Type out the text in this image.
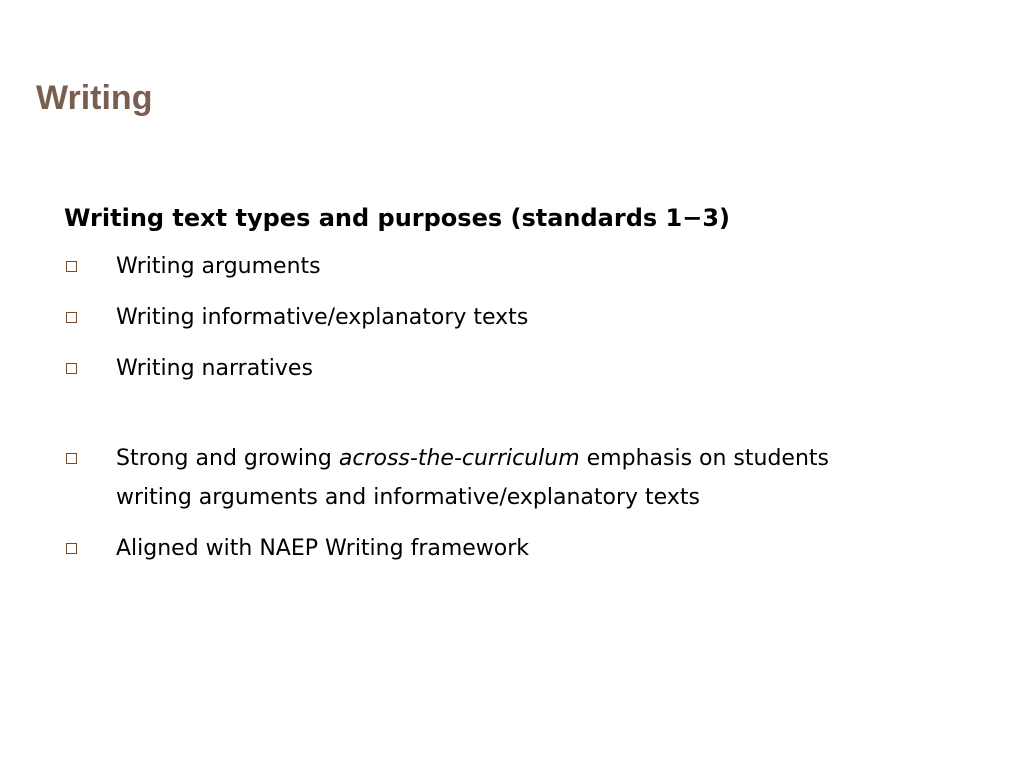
Writing
Writing text types and purposes (standards 1−3)
Writing arguments
Writing informative/explanatory texts
Writing narratives
Strong and growing across-the-curriculum emphasis on students writing arguments and informative/explanatory texts
Aligned with NAEP Writing framework
